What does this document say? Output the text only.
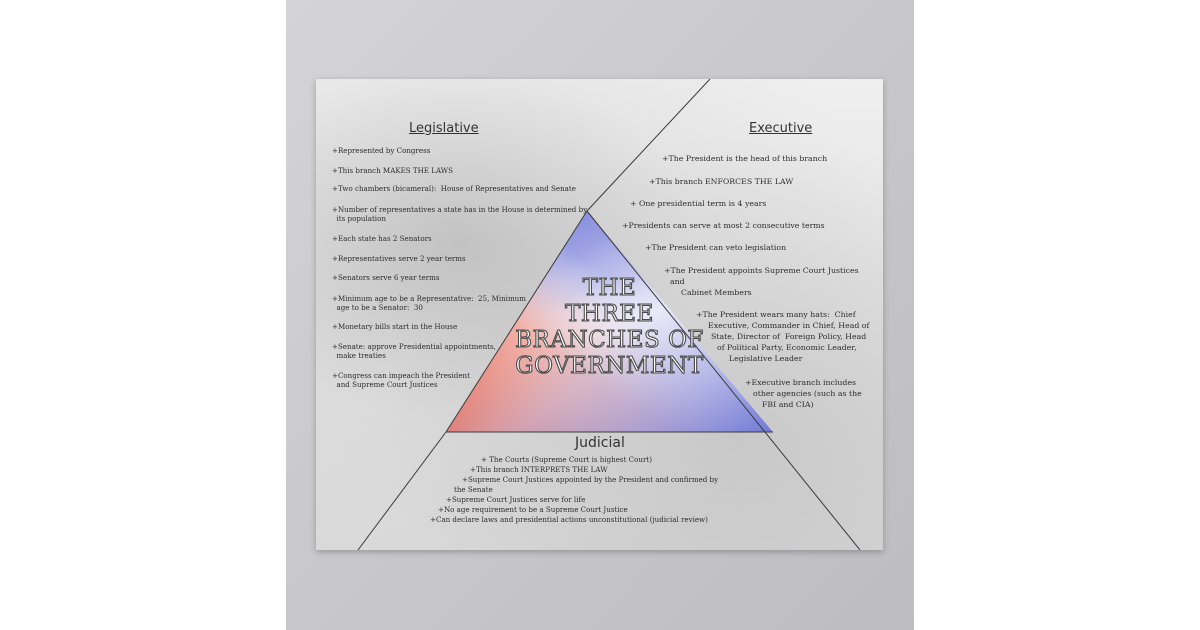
THE
THREE
BRANCHES OF
GOVERNMENT
Legislative
+Represented by Congress
+This branch MAKES THE LAWS
+Two chambers (bicameral):  House of Representatives and Senate
+Number of representatives a state has in the House is determined by
its population
+Each state has 2 Senators
+Representatives serve 2 year terms
+Senators serve 6 year terms
+Minimum age to be a Representative:  25, Minimum
age to be a Senator:  30
+Monetary bills start in the House
+Senate: approve Presidential appointments,
make treaties
+Congress can impeach the President
and Supreme Court Justices
Executive
+The President is the head of this branch
+This branch ENFORCES THE LAW
+ One presidential term is 4 years
+Presidents can serve at most 2 consecutive terms
+The President can veto legislation
+The President appoints Supreme Court Justices
and
Cabinet Members
+The President wears many hats:  Chief
Executive, Commander in Chief, Head of
State, Director of  Foreign Policy, Head
of Political Party, Economic Leader,
Legislative Leader
+Executive branch includes
other agencies (such as the
FBI and CIA)
Judicial
+ The Courts (Supreme Court is highest Court)
+This branch INTERPRETS THE LAW
+Supreme Court Justices appointed by the President and confirmed by
the Senate
+Supreme Court Justices serve for life
+No age requirement to be a Supreme Court Justice
+Can declare laws and presidential actions unconstitutional (judicial review)
